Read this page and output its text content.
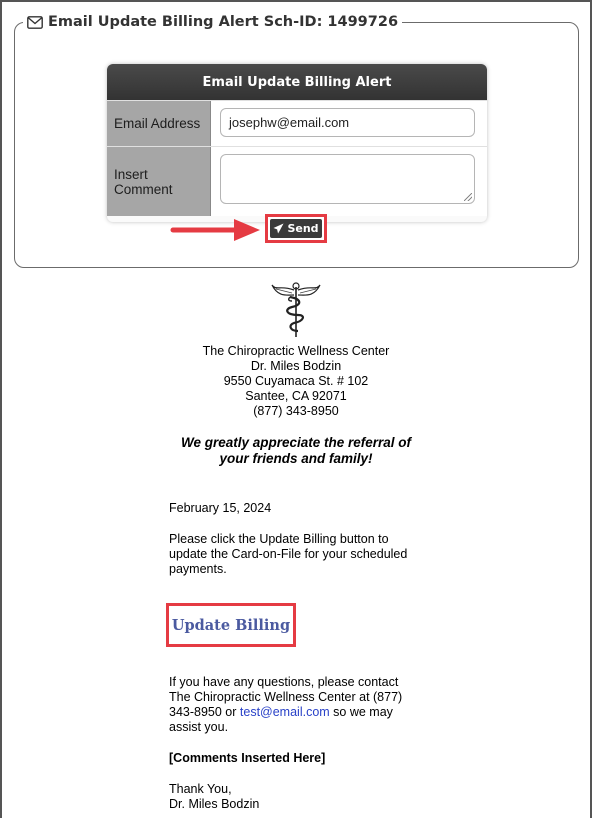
Email Update Billing Alert Sch-ID: 1499726
Email Update Billing Alert
Email Address	josephw@email.com
Insert Comment
Send
The Chiropractic Wellness Center
Dr. Miles Bodzin
9550 Cuyamaca St. # 102
Santee, CA 92071
(877) 343-8950
We greatly appreciate the referral of
your friends and family!
February 15, 2024
Please click the Update Billing button to update the Card-on-File for your scheduled payments.
Update Billing
If you have any questions, please contact The Chiropractic Wellness Center at (877) 343-8950 or test@email.com so we may assist you.
[Comments Inserted Here]
Thank You,
Dr. Miles Bodzin
